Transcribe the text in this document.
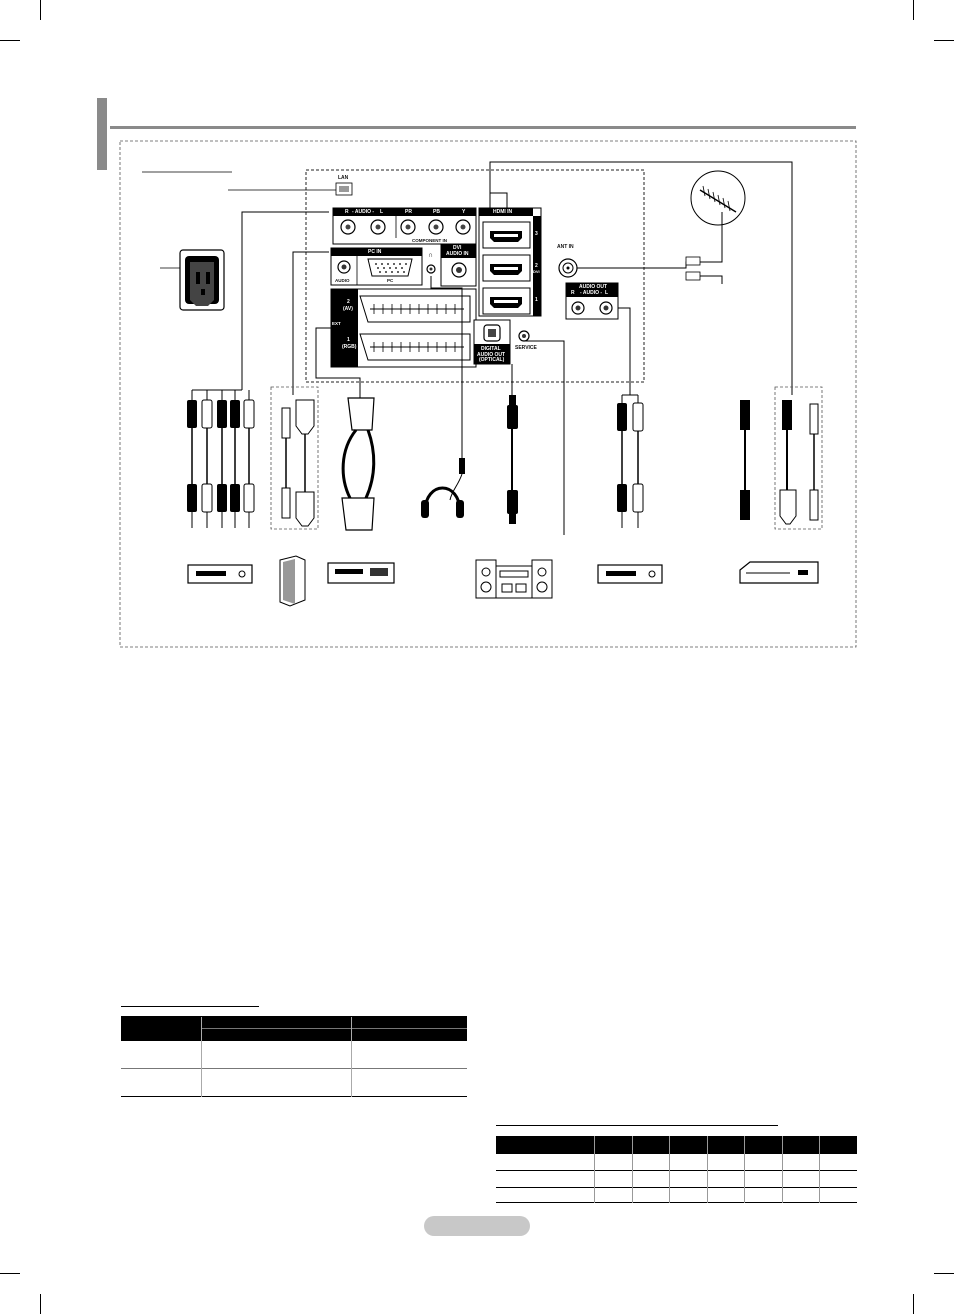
LAN
R - AUDIO - L	PR	PB	Y
COMPONENT IN
PC IN
AUDIO	PC
∩
DVI
AUDIO IN
EXT
2
(AV)
1
(RGB)
HDMI IN
3
2
DVI
1
ANT IN
AUDIO OUT
R - AUDIO - L
DIGITAL
AUDIO OUT
(OPTICAL)
SERVICE
